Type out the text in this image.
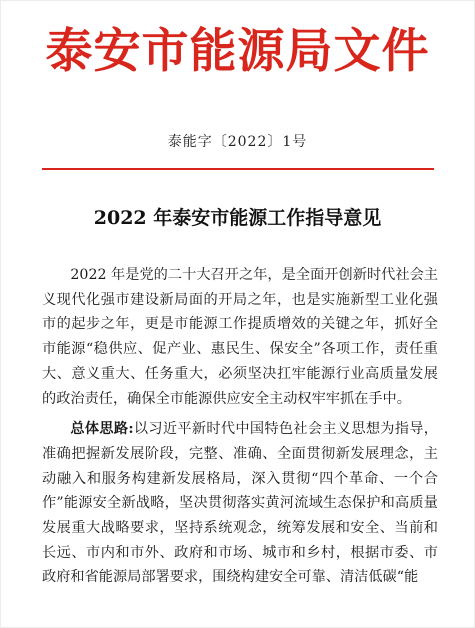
泰安市能源局文件
泰能字〔2022〕1号
2022 年泰安市能源工作指导意见

2022 年是党的二十大召开之年，是全面开创新时代社会主义现代化强市建设新局面的开局之年，也是实施新型工业化强市的起步之年，更是市能源工作提质增效的关键之年，抓好全市能源“稳供应、促产业、惠民生、保安全”各项工作，责任重大、意义重大、任务重大，必须坚决扛牢能源行业高质量发展的政治责任，确保全市能源供应安全主动权牢牢抓在手中。

总体思路:以习近平新时代中国特色社会主义思想为指导，准确把握新发展阶段，完整、准确、全面贯彻新发展理念，主动融入和服务构建新发展格局，深入贯彻“四个革命、一个合作”能源安全新战略，坚决贯彻落实黄河流域生态保护和高质量发展重大战略要求，坚持系统观念，统筹发展和安全、当前和长远、市内和市外、政府和市场、城市和乡村，根据市委、市政府和省能源局部署要求，围绕构建安全可靠、清洁低碳“能
